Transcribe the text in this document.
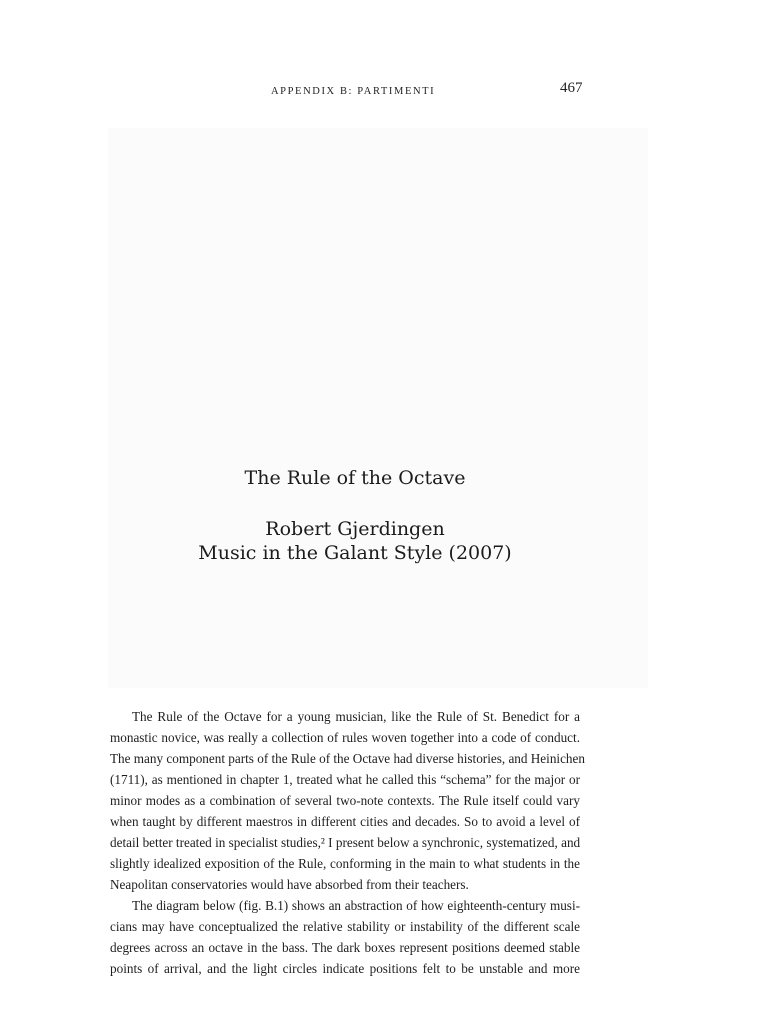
APPENDIX B: PARTIMENTI	467
The Rule of the Octave
Robert Gjerdingen
Music in the Galant Style (2007)
The Rule of the Octave for a young musician, like the Rule of St. Benedict for a
monastic novice, was really a collection of rules woven together into a code of conduct.
The many component parts of the Rule of the Octave had diverse histories, and Heinichen
(1711), as mentioned in chapter 1, treated what he called this “schema” for the major or
minor modes as a combination of several two-note contexts. The Rule itself could vary
when taught by different maestros in different cities and decades. So to avoid a level of
detail better treated in specialist studies,² I present below a synchronic, systematized, and
slightly idealized exposition of the Rule, conforming in the main to what students in the
Neapolitan conservatories would have absorbed from their teachers.
The diagram below (fig. B.1) shows an abstraction of how eighteenth-century musi-
cians may have conceptualized the relative stability or instability of the different scale
degrees across an octave in the bass. The dark boxes represent positions deemed stable
points of arrival, and the light circles indicate positions felt to be unstable and more
